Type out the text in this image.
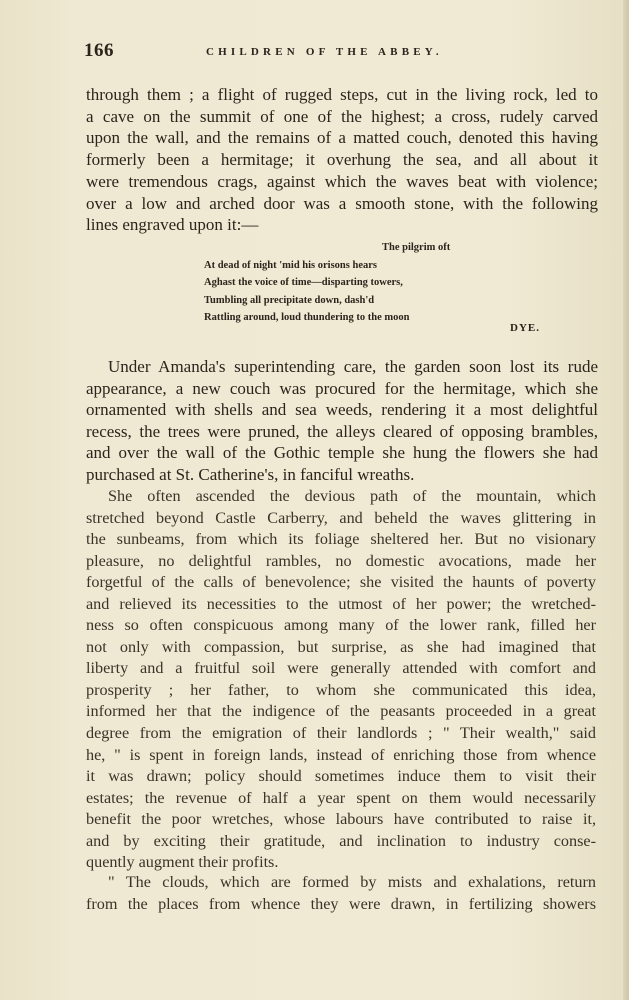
166	CHILDREN OF THE ABBEY.
through them ; a flight of rugged steps, cut in the living rock, led to
a cave on the summit of one of the highest; a cross, rudely carved
upon the wall, and the remains of a matted couch, denoted this having
formerly been a hermitage; it overhung the sea, and all about it
were tremendous crags, against which the waves beat with violence;
over a low and arched door was a smooth stone, with the following
lines engraved upon it:—
The pilgrim oft
At dead of night 'mid his orisons hears
Aghast the voice of time—disparting towers,
Tumbling all precipitate down, dash'd
Rattling around, loud thundering to the moon
DYE.
Under Amanda's superintending care, the garden soon lost its rude
appearance, a new couch was procured for the hermitage, which she
ornamented with shells and sea weeds, rendering it a most delightful
recess, the trees were pruned, the alleys cleared of opposing brambles,
and over the wall of the Gothic temple she hung the flowers she had
purchased at St. Catherine's, in fanciful wreaths.
She often ascended the devious path of the mountain, which
stretched beyond Castle Carberry, and beheld the waves glittering in
the sunbeams, from which its foliage sheltered her. But no visionary
pleasure, no delightful rambles, no domestic avocations, made her
forgetful of the calls of benevolence; she visited the haunts of poverty
and relieved its necessities to the utmost of her power; the wretched-
ness so often conspicuous among many of the lower rank, filled her
not only with compassion, but surprise, as she had imagined that
liberty and a fruitful soil were generally attended with comfort and
prosperity ; her father, to whom she communicated this idea,
informed her that the indigence of the peasants proceeded in a great
degree from the emigration of their landlords ; " Their wealth," said
he, " is spent in foreign lands, instead of enriching those from whence
it was drawn; policy should sometimes induce them to visit their
estates; the revenue of half a year spent on them would necessarily
benefit the poor wretches, whose labours have contributed to raise it,
and by exciting their gratitude, and inclination to industry conse-
quently augment their profits.
" The clouds, which are formed by mists and exhalations, return
from the places from whence they were drawn, in fertilizing showers
